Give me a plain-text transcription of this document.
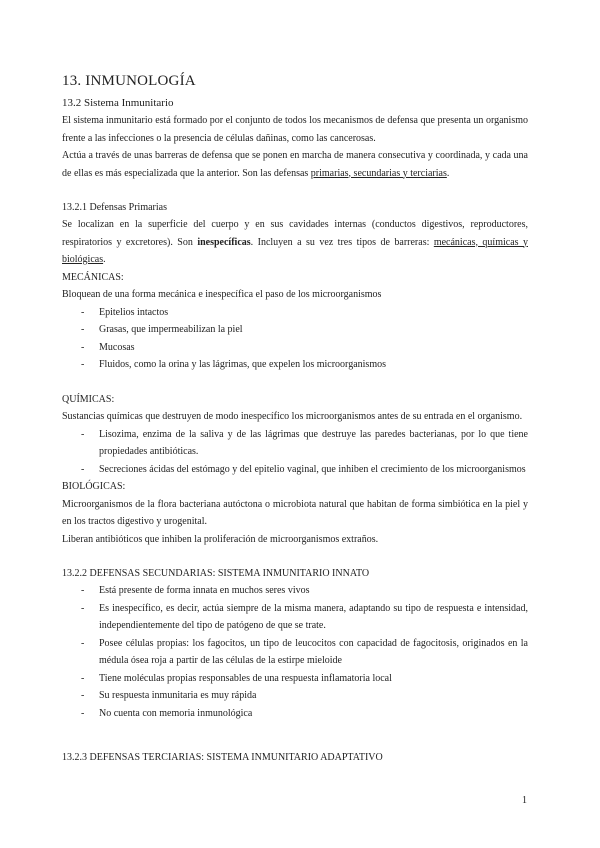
13. INMUNOLOGÍA
13.2 Sistema Inmunitario

El sistema inmunitario está formado por el conjunto de todos los mecanismos de defensa que presenta un organismo frente a las infecciones o la presencia de células dañinas, como las cancerosas.

Actúa a través de unas barreras de defensa que se ponen en marcha de manera consecutiva y coordinada, y cada una de ellas es más especializada que la anterior. Son las defensas primarias, secundarias y terciarias.

13.2.1 Defensas Primarias

Se localizan en la superficie del cuerpo y en sus cavidades internas (conductos digestivos, reproductores, respiratorios y excretores). Son inespecíficas. Incluyen a su vez tres tipos de barreras: mecánicas, químicas y biológicas.

MECÁNICAS:

Bloquean de una forma mecánica e inespecífica el paso de los microorganismos

- Epitelios intactos
- Grasas, que impermeabilizan la piel
- Mucosas
- Fluidos, como la orina y las lágrimas, que expelen los microorganismos

QUÍMICAS:

Sustancias químicas que destruyen de modo inespecífico los microorganismos antes de su entrada en el organismo.

- Lisozima, enzima de la saliva y de las lágrimas que destruye las paredes bacterianas, por lo que tiene propiedades antibióticas.
- Secreciones ácidas del estómago y del epitelio vaginal, que inhiben el crecimiento de los microorganismos

BIOLÓGICAS:

Microorganismos de la flora bacteriana autóctona o microbiota natural que habitan de forma simbiótica en la piel y en los tractos digestivo y urogenital.

Liberan antibióticos que inhiben la proliferación de microorganismos extraños.

13.2.2 DEFENSAS SECUNDARIAS: SISTEMA INMUNITARIO INNATO
- Está presente de forma innata en muchos seres vivos
- Es inespecífico, es decir, actúa siempre de la misma manera, adaptando su tipo de respuesta e intensidad, independientemente del tipo de patógeno de que se trate.
- Posee células propias: los fagocitos, un tipo de leucocitos con capacidad de fagocitosis, originados en la médula ósea roja a partir de las células de la estirpe mieloide
- Tiene moléculas propias responsables de una respuesta inflamatoria local
- Su respuesta inmunitaria es muy rápida
- No cuenta con memoria inmunológica
13.2.3 DEFENSAS TERCIARIAS: SISTEMA INMUNITARIO ADAPTATIVO
1
